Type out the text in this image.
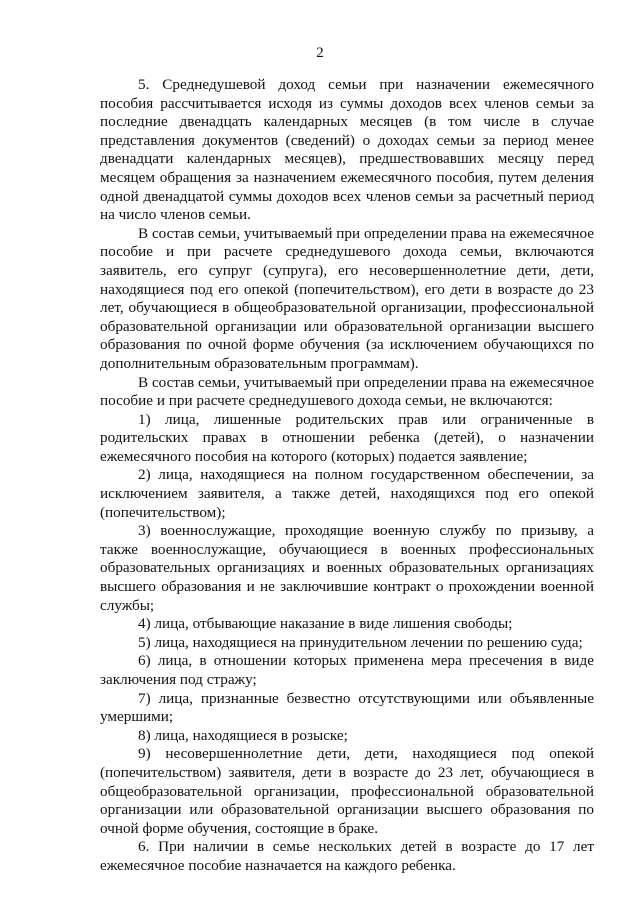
2

5. Среднедушевой доход семьи при назначении ежемесячного пособия рассчитывается исходя из суммы доходов всех членов семьи за последние двенадцать календарных месяцев (в том числе в случае представления документов (сведений) о доходах семьи за период менее двенадцати календарных месяцев), предшествовавших месяцу перед месяцем обращения за назначением ежемесячного пособия, путем деления одной двенадцатой суммы доходов всех членов семьи за расчетный период на число членов семьи.

В состав семьи, учитываемый при определении права на ежемесячное пособие и при расчете среднедушевого дохода семьи, включаются заявитель, его супруг (супруга), его несовершеннолетние дети, дети, находящиеся под его опекой (попечительством), его дети в возрасте до 23 лет, обучающиеся в общеобразовательной организации, профессиональной образовательной организации или образовательной организации высшего образования по очной форме обучения (за исключением обучающихся по дополнительным образовательным программам).

В состав семьи, учитываемый при определении права на ежемесячное пособие и при расчете среднедушевого дохода семьи, не включаются:

1) лица, лишенные родительских прав или ограниченные в родительских правах в отношении ребенка (детей), о назначении ежемесячного пособия на которого (которых) подается заявление;

2) лица, находящиеся на полном государственном обеспечении, за исключением заявителя, а также детей, находящихся под его опекой (попечительством);

3) военнослужащие, проходящие военную службу по призыву, а также военнослужащие, обучающиеся в военных профессиональных образовательных организациях и военных образовательных организациях высшего образования и не заключившие контракт о прохождении военной службы;

4) лица, отбывающие наказание в виде лишения свободы;

5) лица, находящиеся на принудительном лечении по решению суда;

6) лица, в отношении которых применена мера пресечения в виде заключения под стражу;

7) лица, признанные безвестно отсутствующими или объявленные умершими;

8) лица, находящиеся в розыске;

9) несовершеннолетние дети, дети, находящиеся под опекой (попечительством) заявителя, дети в возрасте до 23 лет, обучающиеся в общеобразовательной организации, профессиональной образовательной организации или образовательной организации высшего образования по очной форме обучения, состоящие в браке.

6. При наличии в семье нескольких детей в возрасте до 17 лет ежемесячное пособие назначается на каждого ребенка.
